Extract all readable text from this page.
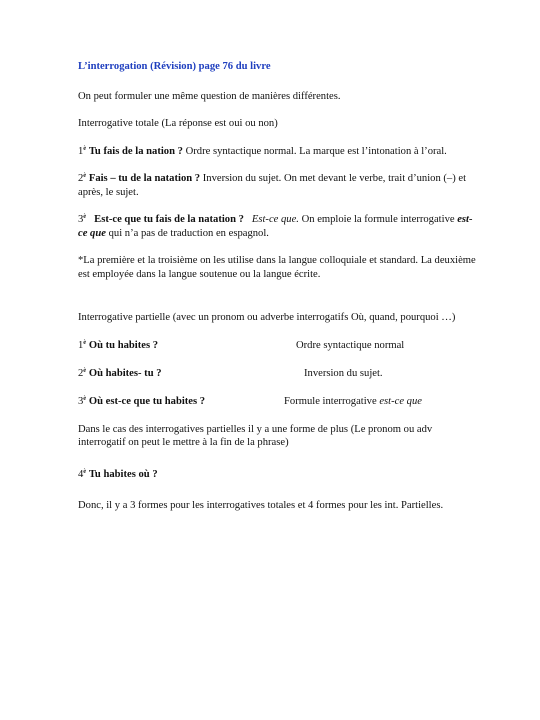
L’interrogation (Révision) page 76 du livre

On peut formuler une même question de manières différentes.

Interrogative totale (La réponse est oui ou non)

$1^è$ Tu fais de la nation ? Ordre syntactique normal. La marque est l’intonation à l’oral.

$2^è$ Fais – tu de la natation ? Inversion du sujet. On met devant le verbe, trait d’union (–) et après, le sujet.

$3^è$ Est-ce que tu fais de la natation ? Est-ce que. On emploie la formule interrogative est-ce que qui n’a pas de traduction en espagnol.

*La première et la troisième on les utilise dans la langue colloquiale et standard. La deuxième est employée dans la langue soutenue ou la langue écrite.

Interrogative partielle (avec un pronom ou adverbe interrogatifs Où, quand, pourquoi …)

$1^è$ Où tu habites ?	Ordre syntactique normal
$2^è$ Où habites- tu ?	Inversion du sujet.
$3^è$ Où est-ce que tu habites ?	Formule interrogative est-ce que

Dans le cas des interrogatives partielles il y a une forme de plus (Le pronom ou adv interrogatif on peut le mettre à la fin de la phrase)

$4^è$ Tu habites où ?

Donc, il y a 3 formes pour les interrogatives totales et 4 formes pour les int. Partielles.
